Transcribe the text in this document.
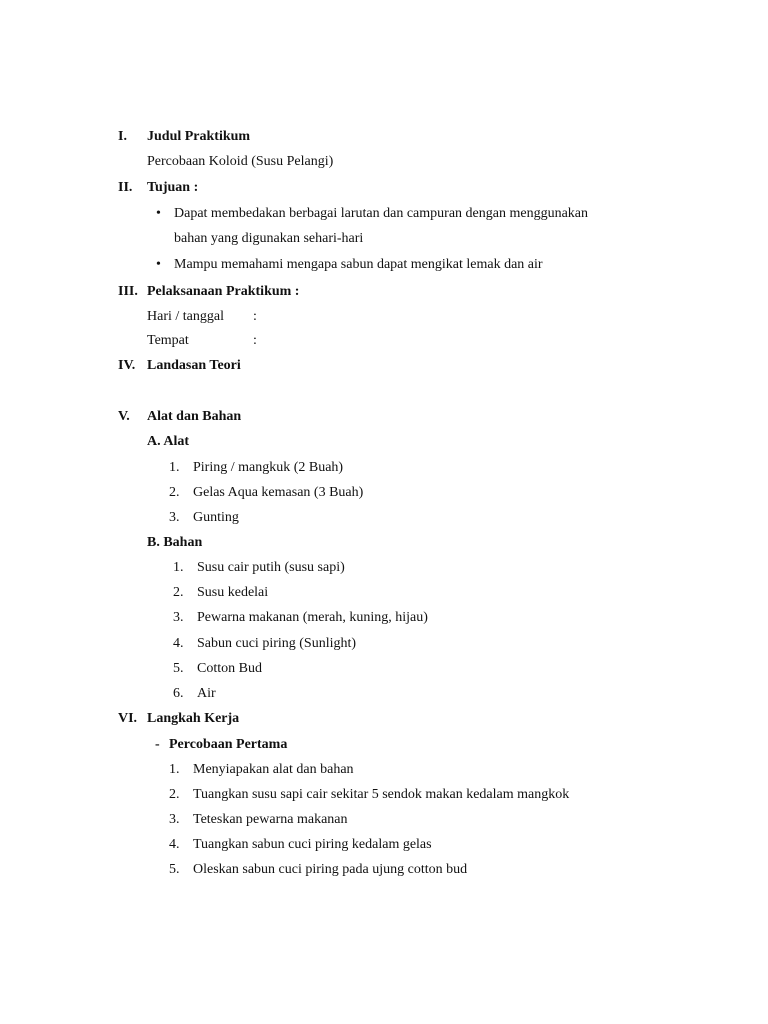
I. Judul Praktikum
Percobaan Koloid (Susu Pelangi)
II. Tujuan :
• Dapat membedakan berbagai larutan dan campuran dengan menggunakan
bahan yang digunakan sehari-hari
• Mampu memahami mengapa sabun dapat mengikat lemak dan air
III. Pelaksanaan Praktikum :
Hari / tanggal :
Tempat	:
IV. Landasan Teori
V. Alat dan Bahan
A. Alat
1. Piring / mangkuk (2 Buah)
2. Gelas Aqua kemasan (3 Buah)
3. Gunting
B. Bahan
1. Susu cair putih (susu sapi)
2. Susu kedelai
3. Pewarna makanan (merah, kuning, hijau)
4. Sabun cuci piring (Sunlight)
5. Cotton Bud
6. Air
VI. Langkah Kerja
- Percobaan Pertama
1. Menyiapakan alat dan bahan
2. Tuangkan susu sapi cair sekitar 5 sendok makan kedalam mangkok
3. Teteskan pewarna makanan
4. Tuangkan sabun cuci piring kedalam gelas
5. Oleskan sabun cuci piring pada ujung cotton bud
